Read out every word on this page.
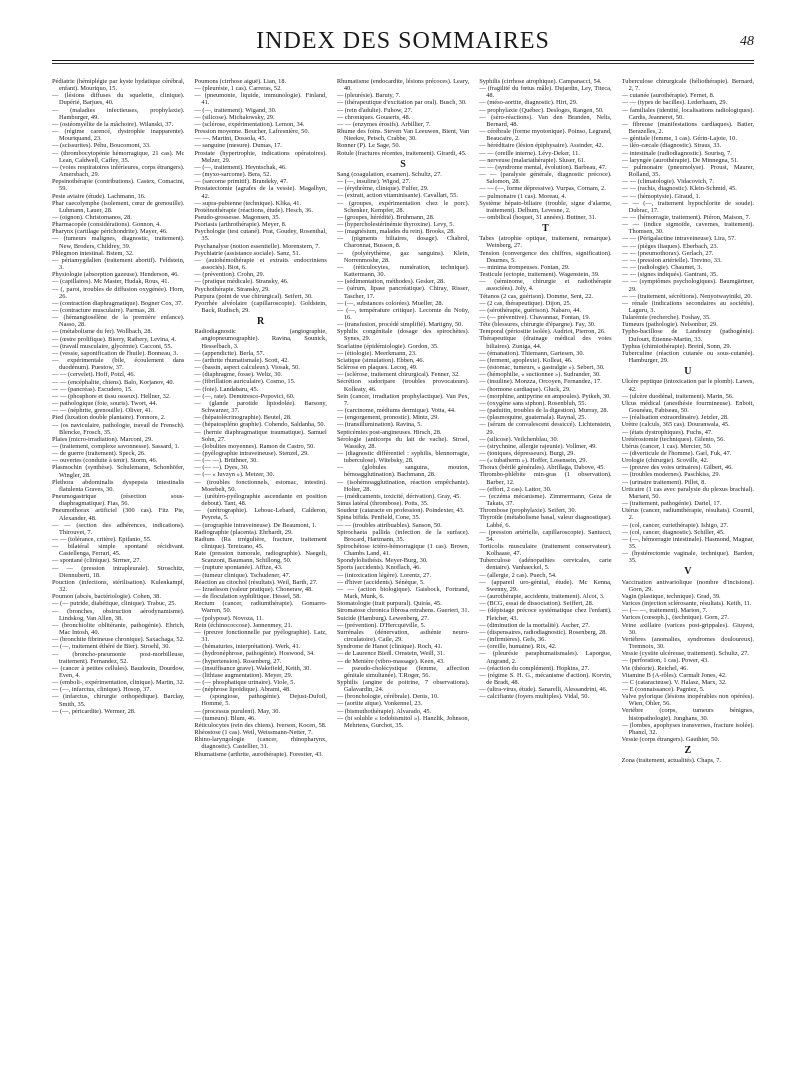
INDEX DES SOMMAIRES	48

Pédiatrie (hémiplégie par kyste hydatique cérébral, enfant). Mouriquo, 15.

— (lésions diffuses du squelette, clinique). Dupérié, Barjues, 40.

— (maladies infectieuses, prophylaxie). Hamburger, 49.

— (ostéomyélite de la mâchoire). Wilanski, 37.

— (régime carencé, dystrophie inapparente). Mouriquand, 23.

— (scissurites). Péhu, Boucomont, 33.

— (thrombocytopénie hémorragique, 21 cas). Mc Lean, Caldwell, Caffey, 35.

— (voies respiratoires inférieures, corps étrangers). Amersbach, 29.

Pepsinothérapie (contributions). Castex, Comacini, 59.

Peste aviaire (étude). Lachmann, 16.

Phar caecolymphe (isolement, cœur de grenouille). Luhmann, Lauer, 28.

— (oignon). Christomanos, 28.

Pharmacopée (considérations). Gonnon, 4.

Pharynx (cartilage périchondrite). Mayer, 46.

— (tumeurs malignes, diagnostic, traitement). New, Broders, Childrey, 39.

Phlegmon intestinal. Bstem, 32.

— périamygdalien (traitement abortif). Feldstein, 3.

Physiologie (absorption gazeuse). Henderson, 46.

— (capillaires). Mc Master, Hudak, Rous, 41.

— (, paroi, troubles de diffusion oxygénée). Horn, 26.

— (contraction diaphragmatique). Bogner Cox, 37.

— (contracture musculaire). Parmas, 28.

— (hémangiosélène de la première enfance). Nasso, 28.

— (métabolisme du fer). Wollbach, 28.

— (œstre prolifique). Bierry, Rathery, Levina, 4.

— (travail musculaire, glycémie). Cacconi, 55.

— (vessie, saponification de l'huile). Bonneau, 3.

— expérimentale (bile, écoulement dans duodénum). Puestow, 37.

— — (cervelet). Hoff, Potzl, 46.

— — (encéphalite, chiens). Balo, Korjanov, 40.

— — (pancréas). Escudero, 15.

— — (phosphore et tissu osseux). Hellner, 32.

— pathologique (foie, souris). Twort, 44.

— — (néphrite, grenouille). Oliver, 41.

Pied (luxation double plantaire). Fonnore, 2.

— (os naviculaire, pathologie, travail de Frensch). Blencke, Frosch, 35.

Plaies (micro-irradiation). Marconi, 29.

— (traitement, complexe savonnesse). Sassard, 1.

— de guerre (traitement). Speck, 26.

— ouvertes (conduite à tenir). Storm, 46.

Plasmochin (synthèse). Schulemann, Schonhöfer, Wingler, 28.

Plethora abdominalis dyspepsia intestinalis flatulenta Graves, 30.

Pneumogastrique (résection sous-diaphragmatique). Fias, 56.

Pneumothorax artificiel (300 cas). Fitz Pie, Alexander, 48.

— — (section des adhérences, indications). Thirouvet, 7.

— — (tolérance, critère). Epifanio, 55.

— bilatéral simple spontané récidivant. Castellenga, Ferrari, 45.

— spontané (clinique). Sirrner, 27.

— — (pression intrapleurale). Stroschitz, Diennuberti, 18.

Pouction (infections, stérilisation). Kulenkampf, 32.

Poumon (abcès, bactériologie). Cohen, 38.

— (— putride, diabétique, clinique). Trabuc, 25.

— (bronches, obstruction aérodynamisme). Lindskog, Van Allen, 38.

— (bronchiolite oblitérante, pathogénie). Ehrich, Mac Intosh, 40.

— (bronchite fibrineuse chronique). Saxachaga, 52.

— (—, traitement éthéré de Bier). Stroehl, 30.

— (broncho-pneumonie post-morbilleuse, traitement). Fernandez, 52.

— (cancer à petites cellules). Baudouin, Dourdow, Even, 4.

— (emboli-, expérimentation, clinique). Martin, 32.

— (—, infarctus, clinique). Hosop, 37.

— (infarctus, chirurgie orthopédique). Barclay, Smith, 35.

— (—, péricardite). Wermer, 28.

Poumons (cirrhose aiguë). Lian, 18.

— (pleurésie, 1 cas). Carreras, 52.

— (pneumonie, liquide, immunologie). Finland, 41.

— (—, traitement). Wigand, 30.

— (silicose). Michalowsky, 29.

— (sclérose, expérimentation). Lemon, 34.

Pression moyenne. Boucher, Lafresnière, 50.

— —. Martini, Dossola, 45.

— sanguine (mesure). Dumas, 17.

Prostate (hypertrophie, indications opératoires). Melzer, 29.

— (—, traitement). Heyntschak, 46.

— (myxo-sarcome). Bera, 52.

— (sarcome primitif). Brandeky, 47.

Prostatectomie (agrafes de la vessie). Magalhyn, 42.

— supra-pubienne (technique). Klika, 41.

Protéinothérapie (réactions, étude). Hesch, 36.

Pseudo-grossesse. Magonsen, 35.

Psoriasis (arthrothérapie). Meyer, 8.

Psychologie (test cutané). Prat, Goudey, Rosenthal, 35.

Psychanalyse (notion essentielle). Morenstern, 7.

Psychiatrie (assistance sociale). Sanz, 51.

— (autohémothérapie et extraits endocriniens associés). Biot, 6.

— (prévention). Crohn, 29.

— (pratique médicale). Stransky, 46.

Psychothérapie. Stransky, 29.

Purpura (point de vue chirurgical). Seifert, 30.

Pyorrhée alvéolaire (capillaroscopie). Goldstein, Back, Rudisch, 29.

R

Radiodiagnostic (angiographie, angiopneumographie). Ravina, Sounick, Hesselbach, 3.

— (appendicite). Berla, 57.

— (arthrite rhumatismale). Scott, 42.

— (bassin, aspect calculeux). Viosak, 50.

— (diaphragme, fosse). Weltz, 30.

— (fibrillation auriculaire). Cosmo, 15.

— (foie). Landabaru, 45.

— (—, rate). Demitresco-Popovici, 60.

— (glande parotide lipiodolée). Barsony, Schwarzer, 37.

— (hépatolécrinographie). Beutel, 28.

— (hépatospléno graphie). Cohendo, Saldanha, 50.

— (hernie diaphragmatique traumatique). Samuel Sohn, 27.

— (lobulites moyennes). Ramon de Castro, 50.

— (pyélographie intraveineuse). Stenzel, 29.

— (— —). Brüthner, 30.

— (— —). Dyes, 30.

— (— « Iuvzyn »). Metzer, 30.

— (troubles fonctionnels, estomac, intestin). Moerbelt, 50.

— (urétéro-pyélographie ascendante en position debout). Tant, 48.

— (urétrographie). Lebouc-Lebard, Calderon, Peyreta, 5.

— (urographie intraveineuse). De Beaumont, 1.

Radiographie (placenta). Ehrhardt, 29.

Radium (Ra irrégulière, fracture, traitement clinique). Tereizano, 45.

Rate (pression tumorale, radiographie). Naegeli, Scanzoni, Baumann, Schillong, 50.

— (rupture spontanée). Afftze, 43.

— (tumeur clinique). Tschudener, 47.

Réaction au citochol (résultats). Weil, Barth, 27.

— Izraelsson (valeur pratique). Choneraw, 48.

— de floculation syphilitique. Hessel, 58.

Rectum (cancer, radiumthérapie). Gomarro-Warren, 50.

— (polypose). Novoza, 11.

Rein (échinococcose). Jannenmey, 21.

— (preuve fonctionnelle par pyélographie). Latz, 31.

— (hématuries, interprétation). Werk, 41.

— (hydronéphrose, pathogénie). Hoswood, 34.

— (hypertension). Rosenberg, 27.

— (insuffisance grave). Wakefield, Keith, 30.

— (lithiase augmentation). Meyer, 29.

— (— phosphatique urinaire). Viole, 5.

— (néphrose lipoïdique). Abrami, 48.

— (spongiose, pathogénie). Dejust-Dufoil, Hommé, 5.

— (processus purulent). May, 30.

— (tumeurs). Blum, 46.

Réticulocytes (rein des chiens). Iverson, Kocen, 58.

Rhéostose (1 cas). Weil, Weissmann-Netter, 7.

Rhino-laryngologie (cancer, rhinopharynx, diagnostic). Castellier, 31.

Rhumatisme (arthrite, aurothérapie). Forestier, 43.

Rhumatisme (endocardite, lésions précoces). Leary, 40.

— (pleurésie). Baruty, 7.

— (thérapeutique d'excitation par oral). Busch, 30.

— (rein d'adulte). Fuhow, 27.

— chroniques. Gouaerts, 48.

— — (enzymes érosifs). Arbillier, 7.

Rhume des foins. Steven Van Leeuwen, Bient, Van Nieekre, Petsch, Crabbe, 30.

Ronner (P). Le Sage, 50.

Rotule (fractures récentes, traitement). Girardi, 45.

S

Sang (coagulation, examen). Schultz, 27.

— (—, insuline). Wigod, 27.

— (érythrème, clinique). Fulfer, 29.

— (extrait, action vitaminisante). Cavallari, 55.

— (groupes, expérimentation chez le porc). Schenker, Kempfer, 28.

— (groupes, hérédité). Bruhmann, 28.

— (hypercholestérinémie thyroxine). Levy, 5.

— (magnésium, malades du rein). Brooks, 28.

— (pigments biliaires, dosage). Chabrol, Charonnat, Busson, 8.

— (polyérythème, gaz sanguins). Klein, Norrenmoshe, 28.

— (réticulocytes, numération, technique). Kattermann, 30.

— (sédimentation, méthodes). Gesker, 28.

— (sérum, lipase pancréatique). Chiray, Risser, Tascher, 17.

— (—, substances colorées). Mueller, 28.

— (—, température critique). Lecomte du Noüy, 16.

— (transfusion, procédé simplifié). Martigny, 50.

Syphilis congénitale (dosage des spirochètes). Synes, 29.

Scarlatine (épidémiologie). Gordon, 35.

— (étiologie). Meerkmann, 23.

Sciatique (simulation). Ebben, 46.

Sclérose en plaques. Lecoq, 49.

— (sclérose, traitement chirurgical). Fenner, 32.

Sécrétion sudoripare (troubles provocateurs). Kolleaty, 46.

Sein (cancer, irradiation prophylactique). Van Pex, 7.

— (carcinome, médiums dermique). Votta, 44.

— (engorgement, pronostic). Mintz, 29.

— (transillumination). Ravina, 5.

Septicémies post-angineuses. Hirsch, 28.

Sérologie (anticorps du lait de vache). Stroel, Wassiky, 28.

— (diagnostic différentiel : syphilis, blennorragie, tuberculose). Witebsky, 28.

— (globules sanguins, mouton, hémoagglutination). Bachmann, 28.

— (isohémoagglutination, réaction empêchante). Holter, 28.

— (médicaments, toxicité, dérivation). Gray, 45.

Sinus latéral (thrombose). Potts, 35.

Soudeur (cataracte en profession). Poindexter, 43.

Spina bifida. Penfield, Cone, 35.

— — (troubles attribuables). Sanson, 50.

Spirochaeta pallida (infection de la surface). Brocard, Hartmann, 35.

Spirochétose ictéro-hémorragique (1 cas). Brown, Chambs Land, 41.

Spondylolisthésis. Meyer-Burg, 30.

Sports (accidents). Knoflach, 46.

— (intoxication légère). Lorentz, 27.

— d'hiver (accidents). Sénèque, 5.

— — (action biologique). Gaisbock, Fortrand, Mark, Munk, 6.

Stomatologie (trait purpural). Quirás, 45.

Stromatose chronica fibrosa retrahens. Guerieri, 31.

Suicide (Hamburg). Lewenberg, 27.

— (prévention). D'Hercquiville, 5.

Surrénales (dénervation, asthénie neuro-circulatoire). Caile, 29.

Syndrome de Hanot (clinique). Roch, 41.

— de Laurence Biedl. Ornstein, Weill, 31.

— de Menière (vibro-massage). Keen, 43.

— pseudo-cholécystique (femme, affection génitale simultanée). T.Roger, 56.

Syphilis (angine de poitrine, 7 observations). Galavardin, 24.

— (bronchologie, cérébrale). Denis, 10.

— (aortite aïque). Vonkennel, 23.

— (bismuthothérapie). Alvarado, 45.

— (bi soluble « iodobismitol »). Hanzlik, Johnson, Mehrtens, Gurchot, 35.

Syphilis (cirrhose atrophique). Campanacci, 54.

— (fragilité du fœtus mâle). Dujardin, Ley, Titeca, 48.

— (méso-aortite, diagnostic). Hirt, 29.

— prophylaxie (Québec). Desloges, Rangen, 50.

— (séro-réactions). Van den Branden, Nelis, Bernard, 48.

— cérébrale (forme myotonique). Poinso, Legrand, Beaucaire, 2.

— héréditaire (lésion épiphysaire). Assinder, 42.

— — (oreille interne). Lévy-Deker, 11.

— nerveuse (malariathérapie). Sluser, 61.

— — (syndrome mental, évolution). Barbeau, 47.

— — (paralysie générale, diagnostic précoce). Salomon, 28.

— — (—, forme dépressive). Vurpas, Cornam, 2.

— pulmonaire (1 cas). Moreau, 4.

Système hépato-biliaire (trouble, signe d'alarme, traitement). Delhum, Levesne, 2.

— ombilical (hoquet, 31 années). Buttner, 31.

T

Tabes (atrophie optique, traitement, remarque). Weinberg, 27.

Tension (convergence des chiffres, signification). Dournes, 5.

— minima trompeuses. Fontan, 29.

Testicule (ectopie, traitement). Wagenstein, 39.

— (séminome, chirurgie et radiothérapie associées). Joly, 4.

Tétanos (2 cas, guérison). Domme, Sent, 22.

— (2 cas, thérapeutique). Dijon, 25.

— (sérothérapie, guérison). Nabaro, 44.

— (— préventive). Chavannaz, Fontan, 19.

Tête (blessures, chirurgie d'épargne). Fay, 30.

Temporal (périostite isolée). Audriot, Pierron, 26.

Thérapeutique (drainage médical des voies biliaires). Zuniga, 44.

— (émanation). Thiemann, Gartesen, 30.

— (ferment, apoplexie). Kolleat, 46.

— (estomac, tumeurs, « gastralgie »). Sebert, 30.

— (hémophilie, « suctionnee »). Sudrander, 30.

— (insuline). Monzza, Orcoyen, Fernandez, 17.

— (hormone cardiaque). Gluck, 29.

— (morphine, antipyrine en ampoules). Pytkeh, 30.

— (oxygène sans siphon). Rosenbluh, 55.

— (paduitin, troubles de la digestion). Murray, 28.

— (plasmoquine, guatemala). Raynal, 25.

— (sérum de convalescent dessiccé). Lichtenstein, 29.

— (silicose). Veilchenblau, 30.

— (strychnine, allergie rajeunie). Vollmer, 49.

— (toniques, dépresseurs). Burgi, 29.

— (« tubatherm »). Hoffer, Losensein, 29.

Thorax (bérilé générales). Abrillaga, Dabove, 45.

Thrombo-phlébite min-gras (1 observation). Barber, 12.

— (effort, 2 cas). Lattor, 30.

— (eczéma mécanisme). Zimmermann, Geza de Takats, 37.

Thrombose (prophylaxie). Seifert, 30.

Thyroïde (métabolisme basal, valeur diagnostique). Labbé, 6.

— (pression artérielle, capillaroscopie). Santucci, 54.

Torticolis musculaire (traitement conservateur). Kolhaase, 47.

Tuberculose (adénopathies cervicales, carie dentaire). Vanhaeckel, 5.

— (allergie, 2 cas). Puech, 54.

— (appareil uro-génital, étude). Mc Kenna, Swenny, 29.

— (aurothérapie, accidents, traitement). Alcot, 3.

— (BCG, essai de dissociation). Seiffert, 28.

— (dépistage précoce systématique chez l'enfant). Fleicher, 43.

— (diminution de la mortalité). Ascher, 27.

— (dispensaires, radiodiagnostic). Rosenberg, 28.

— (infirmières). Gefs, 36.

— (oreille, humaine). Rix, 42.

— (pleurésie paraphumatismales). Laporgue, Angrand, 2.

— (réaction du complément). Hopkins, 27.

— (régime S. H. G., mécanisme d'action). Korvin, de Bradt, 48.

— (ultra-virus, étude). Sanarelli, Alessandrini, 46.

— calcifiante (foyers multiples). Vidal, 50.

Tuberculose chirurgicale (héliothérapie). Bernard, 2, 7.

— cutanée (aurothérapie). Fernet, 8.

— — (types de bacilles). Lederhaam, 29.

— familiales (identité, localisations radiologiques). Cardis, Jeanneret, 50.

— fibreuse (manifestations cardiaques). Batier, Berazelles, 2.

— génitale (femme, 1 cas). Gérin-Lajoie, 10.

— iléo-cæcale (diagnostic). Straus, 33.

— intestinale (radiodiagnostic). Sourisq, 7.

— laryngée (aurothérapie). De Minnegna, 51.

— pulmonaire (pneumolyse). Proust, Maurer, Rolland, 35.

— — (climatologie). Vidacovich, 7.

— — (rachis, diagnostic). Klein-Schmid, 45.

— — (hémoptysie). Giraud, 1.

— — (—, traitement hypochlorite de soude). Dubrac, 17.

— — (hémorragie, traitement). Piéron, Maison, 7.

— — (indice sigmoïde, cavernes, traitement). Thomsen, 30.

— — (Périgalactine intraveineuse). Lira, 57.

— — (pièges iliaques). Eberbach, 23.

— — (pneumothorax). Gerlach, 27.

— — (pression artérielle). Trevino, 33.

— — (radiologie). Chaumet, 3.

— — (signes indiqués). Gantrani, 35.

— — (symptômes psychologiques). Baumgärtner, 29.

— — (traitement, sécrétions). Nenyotwayiniki, 20.

— rénale (indications secondaires au sociétés). Laguru, 3.

Tularémie (recherche). Foshay, 35.

Tumeurs (pathologie). Nelsonbur, 29.

Typho-bacillose de Landouzy (pathogénie). Dufourt, Étienne-Martin, 33.

Typhus (chimiothérapie). Breinl, Sonn, 29.

Tuberculine (réaction cutanée ou sous-cutanée). Hamburger, 29.

U

Ulcère peptique (intoxication par le plomb). Lawes, 42.

— (ulcère duodénal, traitement). Marin, 56.

Ulcus médical (anesthésie fourmineuse). Enboit, Gounéau, Fabiseau, 50.

— (réalisation extraordinaire). Jetzler, 28.

Urètre (calculs, 365 cas). Douranwala, 45.

— (états dystrophiques). Fuchs, 47.

Urétérostomie (techniques). Gilento, 56.

Utérus (cancer, 1 cas). Mercier, 50.

— (diverticule de l'homme). Garl, Fuk, 47.

Urologie (chirurgie). Scoville, 42.

— (preuve des voies urinaires). Gilbert, 46.

— (troubles modernes). Paschkiss, 29.

— (urinaire traitement). Pillet, 8.

Urticaire (1 cas avec paralysie du plexus brachial). Mariani, 50.

— (traitement, pathogénie). Dariel, 17.

Utérus (cancer, radiumthérapie, résultats). Cournil, 2.

— (col, cancer, curiethérapie). Ishigo, 27.

— (col, cancer, diagnostic). Schiller, 45.

— (—, hémorragie intestinale). Hasmond, Magnar, 35.

— (hystérectomie vaginale, technique). Bardon, 35.

V

Vaccination antivariolique (nombre d'incisions). Gorn, 29.

Vagin (plastique, technique). Grad, 39.

Varices (injection sclérosante, résultats). Keith, 11.

— (— —, traitement). Marion, 7.

Varices (cœsoph.)., (technique). Gorn, 27.

Veine axillaire (varices post-grippales). Giuyest, 30.

Vertèbres (anomalies, syndromes douloureux). Tremnoix, 30.

Vessie (cystite ulcéreuse, traitement). Schultz, 27.

— (perforation, 1 cas). Power, 43.

Vie (théorie). Reichel, 46.

Vitamine B (A-rôles). Carmalt Jones, 42.

— C (cataracteuse). V. Halasz, Marx, 32.

— E (connaissance). Pagniez, 5.

Valve pylorique (lésions inopérables non opérées). Wien, Ohler, 56.

Vertèbre (corps, tumeurs bénignes, histopathologie). Junghans, 30.

— (lombes, apophyses transverses, fracture isolée). Phanzl, 32.

Vessie (corps étrangers). Gauthier, 50.

Z

Zona (traitement, actualités). Chaps, 7.
